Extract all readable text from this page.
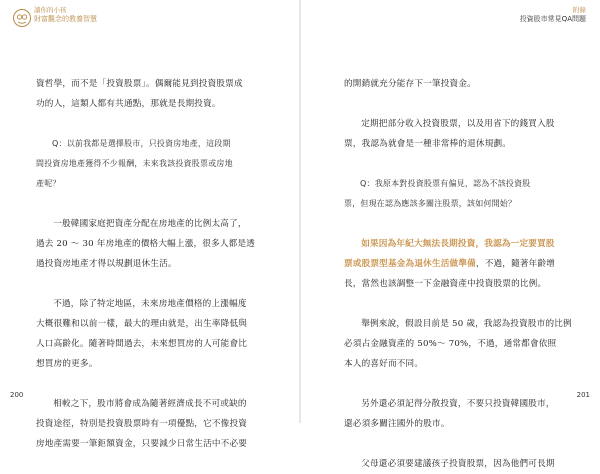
讀你的小孩
財富觀念的教養智慧

資哲學，而不是「投資股票」。偶爾能見到投資股票成

功的人，這類人都有共通點，那就是長期投資。

Q：以前我都是選擇股市，只投資房地產，這段期

間投資房地產獲得不少報酬，未來我該投資股票或房地

產呢？

一般韓國家庭把資產分配在房地產的比例太高了，

過去 20 ～ 30 年房地產的價格大幅上漲，很多人都是透

過投資房地產才得以規劃退休生活。

不過，除了特定地區，未來房地產價格的上漲幅度

大概很難和以前一樣，最大的理由就是，出生率降低與

人口高齡化。隨著時間過去，未來想買房的人可能會比

想買房的更多。

相較之下，股市將會成為隨著經濟成長不可或缺的

投資途徑，特別是投資股票時有一項優點，它不像投資

房地產需要一筆鉅額資金，只要減少日常生活中不必要

200
附錄
投資股市常見QA問題

的開銷就充分能存下一筆投資金。

定期把部分收入投資股票，以及用省下的錢買入股

票，我認為就會是一種非常棒的退休規劃。

Q：我原本對投資股票有偏見，認為不該投資股

票，但現在認為應該多關注股票，該如何開始？

如果因為年紀大無法長期投資，我認為一定要買股

票或股票型基金為退休生活做準備，不過，隨著年齡增

長，當然也該調整一下金融資產中投資股票的比例。

舉例來說，假設目前是 50 歲，我認為投資股市的比例

必須占金融資產的 50%～ 70%，不過，通常都會依照

本人的喜好而不同。

另外還必須記得分散投資，不要只投資韓國股市，

還必須多關注國外的股市。

父母還必須要建議孩子投資股票，因為他們可長期

201
